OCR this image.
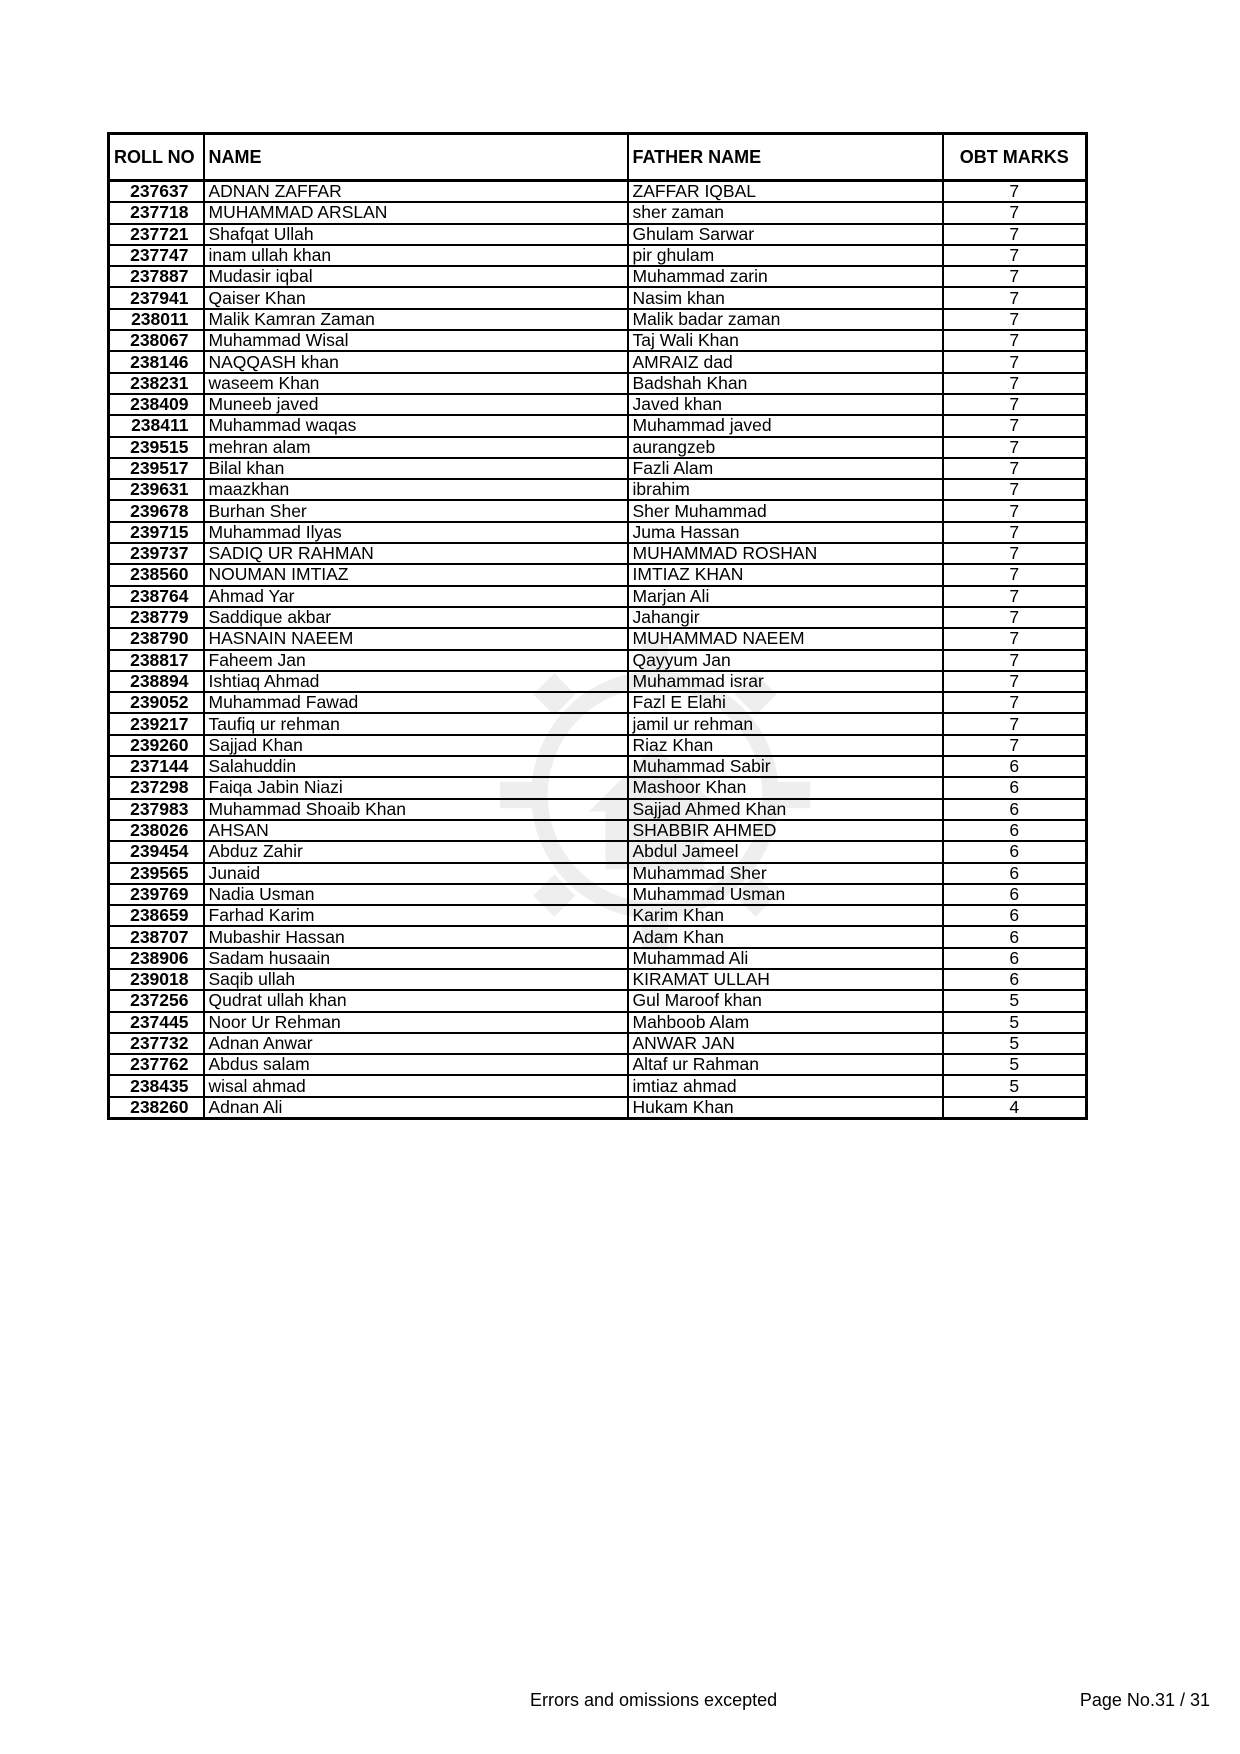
ROLL NO	NAME	FATHER NAME	OBT MARKS
237637	ADNAN ZAFFAR	ZAFFAR IQBAL	7
237718	MUHAMMAD ARSLAN	sher zaman	7
237721	Shafqat Ullah	Ghulam Sarwar	7
237747	inam ullah khan	pir ghulam	7
237887	Mudasir iqbal	Muhammad zarin	7
237941	Qaiser Khan	Nasim khan	7
238011	Malik Kamran Zaman	Malik badar zaman	7
238067	Muhammad Wisal	Taj Wali Khan	7
238146	NAQQASH khan	AMRAIZ dad	7
238231	waseem Khan	Badshah Khan	7
238409	Muneeb javed	Javed khan	7
238411	Muhammad waqas	Muhammad javed	7
239515	mehran alam	aurangzeb	7
239517	Bilal khan	Fazli Alam	7
239631	maazkhan	ibrahim	7
239678	Burhan Sher	Sher Muhammad	7
239715	Muhammad Ilyas	Juma Hassan	7
239737	SADIQ UR RAHMAN	MUHAMMAD ROSHAN	7
238560	NOUMAN IMTIAZ	IMTIAZ KHAN	7
238764	Ahmad Yar	Marjan Ali	7
238779	Saddique akbar	Jahangir	7
238790	HASNAIN NAEEM	MUHAMMAD NAEEM	7
238817	Faheem Jan	Qayyum Jan	7
238894	Ishtiaq Ahmad	Muhammad israr	7
239052	Muhammad Fawad	Fazl E Elahi	7
239217	Taufiq ur rehman	jamil ur rehman	7
239260	Sajjad Khan	Riaz Khan	7
237144	Salahuddin	Muhammad Sabir	6
237298	Faiqa Jabin Niazi	Mashoor Khan	6
237983	Muhammad Shoaib Khan	Sajjad Ahmed Khan	6
238026	AHSAN	SHABBIR AHMED	6
239454	Abduz Zahir	Abdul Jameel	6
239565	Junaid	Muhammad Sher	6
239769	Nadia Usman	Muhammad Usman	6
238659	Farhad Karim	Karim Khan	6
238707	Mubashir Hassan	Adam Khan	6
238906	Sadam husaain	Muhammad Ali	6
239018	Saqib ullah	KIRAMAT ULLAH	6
237256	Qudrat ullah khan	Gul Maroof khan	5
237445	Noor Ur Rehman	Mahboob Alam	5
237732	Adnan Anwar	ANWAR JAN	5
237762	Abdus salam	Altaf ur Rahman	5
238435	wisal ahmad	imtiaz ahmad	5
238260	Adnan Ali	Hukam Khan	4
Errors and omissions excepted	Page No.31 / 31
